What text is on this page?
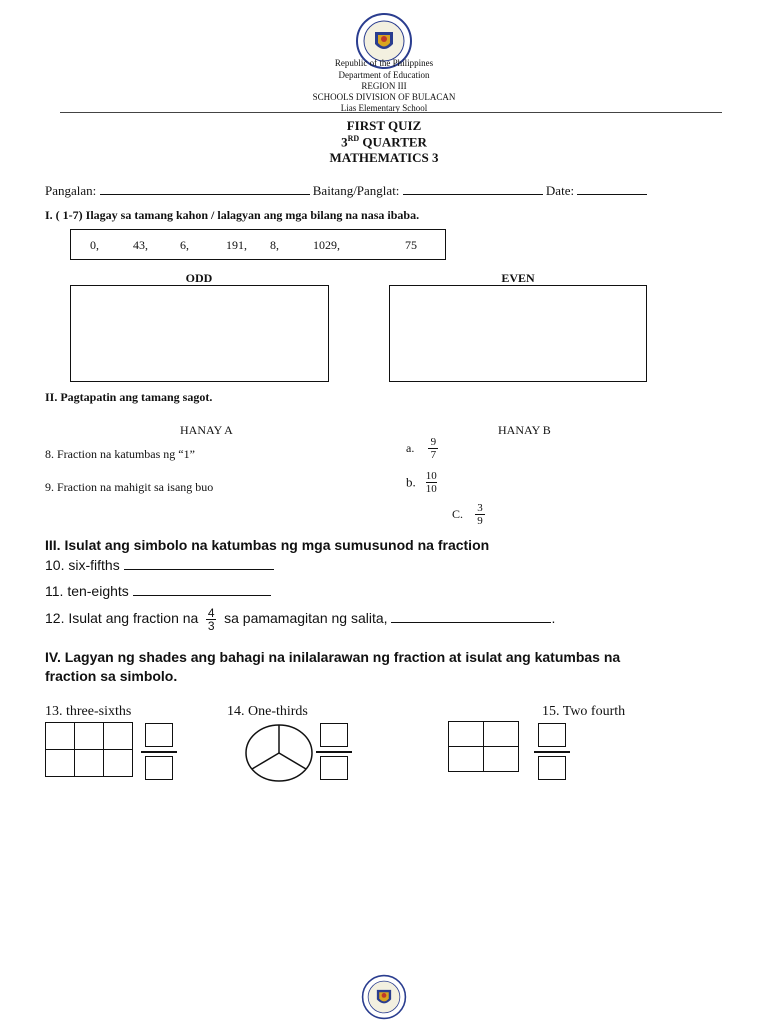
Republic of the Philippines
Department of Education
REGION III
SCHOOLS DIVISION OF BULACAN
Lias Elementary School
FIRST QUIZ
3RD QUARTER
MATHEMATICS 3
Pangalan:	Baitang/Panglat:	Date:
I. ( 1-7) Ilagay sa tamang kahon / lalagyan ang mga bilang na nasa ibaba.
0,	43,	6,	191, 8,	1029,	75
ODD	EVEN
II. Pagtapatin ang tamang sagot.
HANAY A	HANAY B
8. Fraction na katumbas ng “1”
9. Fraction na mahigit sa isang buo
a. $\frac{9}{7}$
b. $\frac{10}{10}$
C. $\frac{3}{9}$
III. Isulat ang simbolo na katumbas ng mga sumusunod na fraction
10. six-fifths
11. ten-eights
12. Isulat ang fraction na $\frac{4}{3}$ sa pamamagitan ng salita,	.
IV. Lagyan ng shades ang bahagi na inilalarawan ng fraction at isulat ang katumbas na
fraction sa simbolo.
13. three-sixths	14. One-thirds	15. Two fourth
